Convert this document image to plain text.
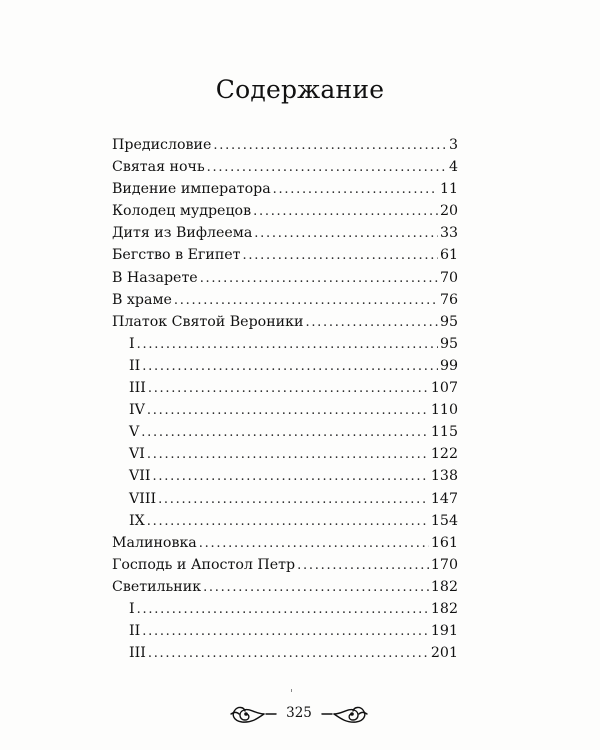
Содержание
Предисловие . . .	3
Святая ночь . . .	4
Видение императора . . .	11
Колодец мудрецов . . .	20
Дитя из Вифлеема . . .	33
Бегство в Египет . . .	61
В Назарете . . .	70
В храме . . .	76
Платок Святой Вероники . . .	95
I . . .	95
II . . .	99
III . . .	107
IV . . .	110
V . . .	115
VI . . .	122
VII . . .	138
VIII . . .	147
IX . . .	154
Малиновка . . .	161
Господь и Апостол Петр . . .	170
Светильник . . .	182
I . . .	182
II . . .	191
III . . .	201
325
